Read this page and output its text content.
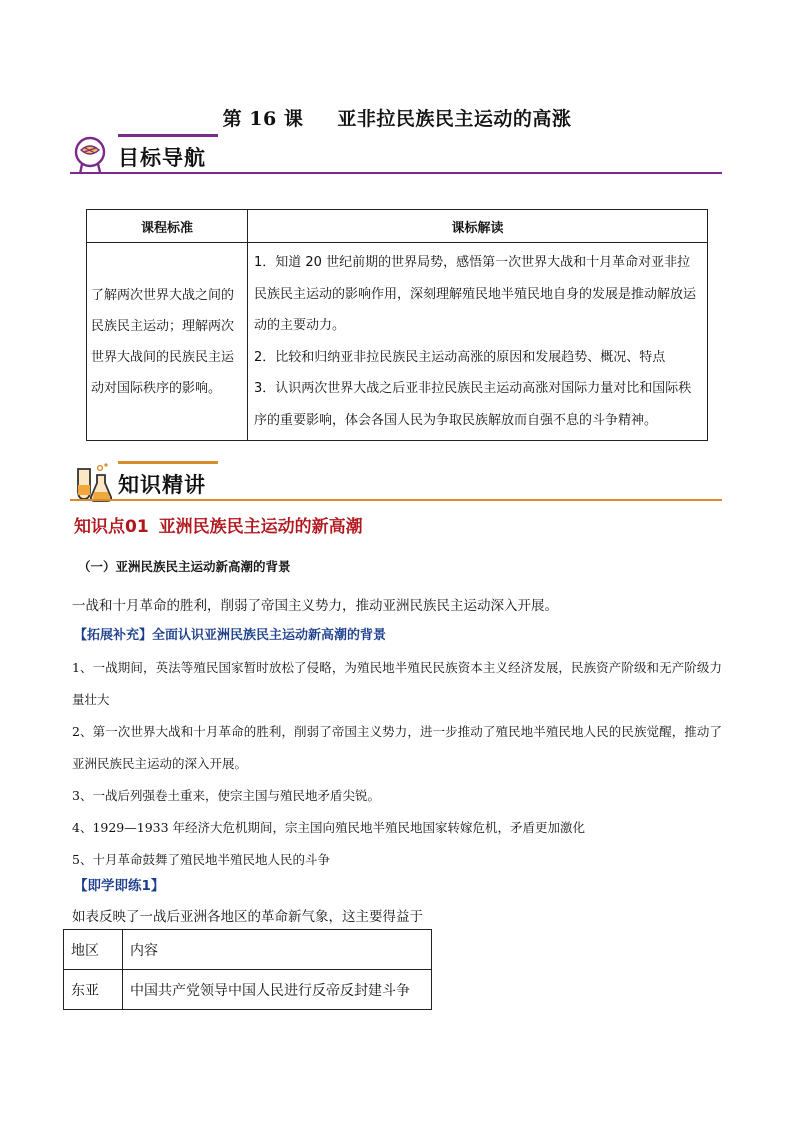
第 16 课 亚非拉民族民主运动的高涨
目标导航
课程标准	课标解读
了解两次世界大战之间的民族民主运动；理解两次世界大战间的民族民主运动对国际秩序的影响。	1．知道 20 世纪前期的世界局势，感悟第一次世界大战和十月革命对亚非拉民族民主运动的影响作用，深刻理解殖民地半殖民地自身的发展是推动解放运动的主要动力。

2．比较和归纳亚非拉民族民主运动高涨的原因和发展趋势、概况、特点

3．认识两次世界大战之后亚非拉民族民主运动高涨对国际力量对比和国际秩序的重要影响，体会各国人民为争取民族解放而自强不息的斗争精神。

知识精讲
知识点01 亚洲民族民主运动的新高潮
（一）亚洲民族民主运动新高潮的背景
一战和十月革命的胜利，削弱了帝国主义势力，推动亚洲民族民主运动深入开展。
【拓展补充】全面认识亚洲民族民主运动新高潮的背景
1、一战期间，英法等殖民国家暂时放松了侵略，为殖民地半殖民民族资本主义经济发展，民族资产阶级和无产阶级力量壮大
2、第一次世界大战和十月革命的胜利，削弱了帝国主义势力，进一步推动了殖民地半殖民地人民的民族觉醒，推动了亚洲民族民主运动的深入开展。
3、一战后列强卷土重来，使宗主国与殖民地矛盾尖锐。
4、1929—1933 年经济大危机期间，宗主国向殖民地半殖民地国家转嫁危机，矛盾更加激化
5、十月革命鼓舞了殖民地半殖民地人民的斗争
【即学即练1】
如表反映了一战后亚洲各地区的革命新气象，这主要得益于
地区	内容
东亚	中国共产党领导中国人民进行反帝反封建斗争
